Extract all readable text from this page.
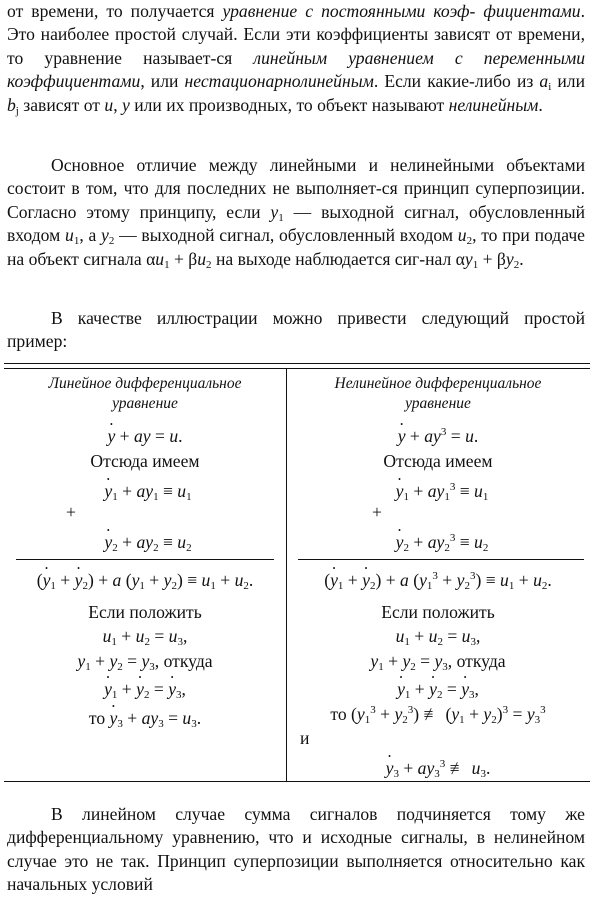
от времени, то получается уравнение с постоянными коэф- фициентами. Это наиболее простой случай. Если эти коэффициенты зависят от времени, то уравнение называет-ся линейным уравнением с переменными коэффициентами, или нестационарнолинейным. Если какие-либо из $a_i$ или $b_j$ зависят от u, y или их производных, то объект называют нелинейным.

Основное отличие между линейными и нелинейными объектами состоит в том, что для последних не выполняет-ся принцип суперпозиции. Согласно этому принципу, если $y_1$ — выходной сигнал, обусловленный входом $u_1$, а $y_2$ — выходной сигнал, обусловленный входом $u_2$, то при подаче на объект сигнала $\alpha u_1 + \beta u_2$ на выходе наблюдается сиг-нал $\alpha y_1 + \beta y_2$.

В качестве иллюстрации можно привести следующий простой пример:

Линейное дифференциальное уравнение
• y + ay = u.
Отсюда имеем
• $y_1 + ay_1 \equiv u_1$
+
• $y_2 + ay_2 \equiv u_2$
(• $y_1$ + • $y_2) + a$ $(y_1 + y_2) \equiv u_1 + u_2$.
Если положить
$u_1 + u_2 = u_3$,
$y_1 + y_2 = y_3$, откуда
• $y_1$ + • $y_2$ = • $y_3$,
то • $y_3 + ay_3 = u_3$.
Нелинейное дифференциальное уравнение
• $y + ay^3 = u$.
Отсюда имеем
• $y_1 + ay_1^3 \equiv u_1$
+
• $y_2 + ay_2^3 \equiv u_2$
(• $y_1$ + • $y_2) + a$ $(y_1^3 + y_2^3) \equiv u_1 + u_2$.
Если положить
$u_1 + u_2 = u_3$,
$y_1 + y_2 = y_3$, откуда
• $y_1$ + • $y_2$ = • $y_3$,
то $(y_1^3 + y_2^3)$ ≢ $(y_1 + y_2)^3 = y_3^3$
и
• $y_3 + ay_3^3$ ≢ $u_3$.

В линейном случае сумма сигналов подчиняется тому же дифференциальному уравнению, что и исходные сигналы, в нелинейном случае это не так. Принцип суперпозиции выполняется относительно как начальных условий
